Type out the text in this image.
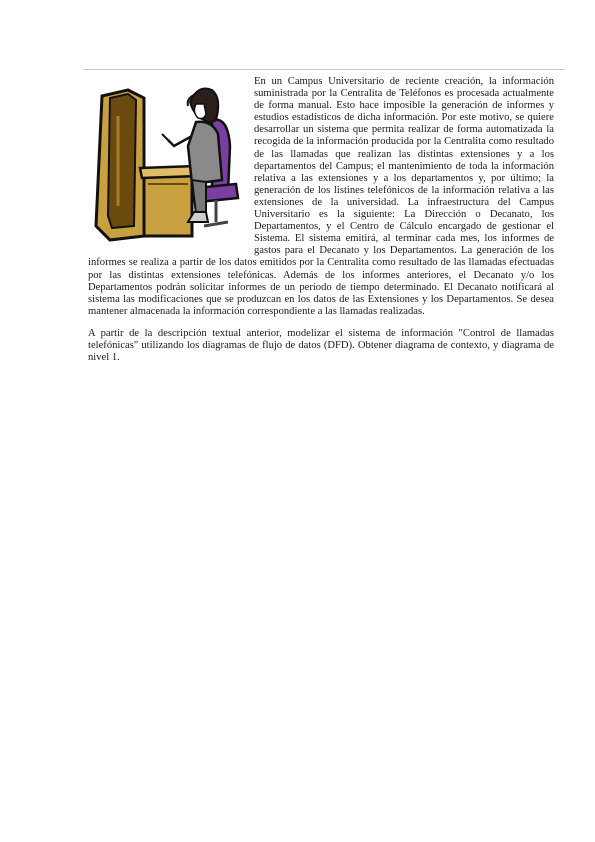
En un Campus Universitario de reciente creación, la información suministrada por la Centralita de Teléfonos es procesada actualmente de forma manual. Esto hace imposible la generación de informes y estudios estadísticos de dicha información. Por este motivo, se quiere desarrollar un sistema que permita realizar de forma automatizada la recogida de la información producida por la Centralita como resultado de las llamadas que realizan las distintas extensiones y a los departamentos del Campus; el mantenimiento de toda la información relativa a las extensiones y a los departamentos y, por último; la generación de los listines telefónicos de la información relativa a las extensiones de la universidad. La infraestructura del Campus Universitario es la siguiente: La Dirección o Decanato, los Departamentos, y el Centro de Cálculo encargado de gestionar el Sistema. El sistema emitirá, al terminar cada mes, los informes de gastos para el Decanato y los Departamentos. La generación de los informes se realiza a partir de los datos emitidos por la Centralita como resultado de las llamadas efectuadas por las distintas extensiones telefónicas. Además de los informes anteriores, el Decanato y/o los Departamentos podrán solicitar informes de un período de tiempo determinado. El Decanato notificará al sistema las modificaciones que se produzcan en los datos de las Extensiones y los Departamentos. Se desea mantener almacenada la información correspondiente a las llamadas realizadas.

A partir de la descripción textual anterior, modelizar el sistema de información "Control de llamadas telefónicas" utilizando los diagramas de flujo de datos (DFD). Obtener diagrama de contexto, y diagrama de nivel 1.
